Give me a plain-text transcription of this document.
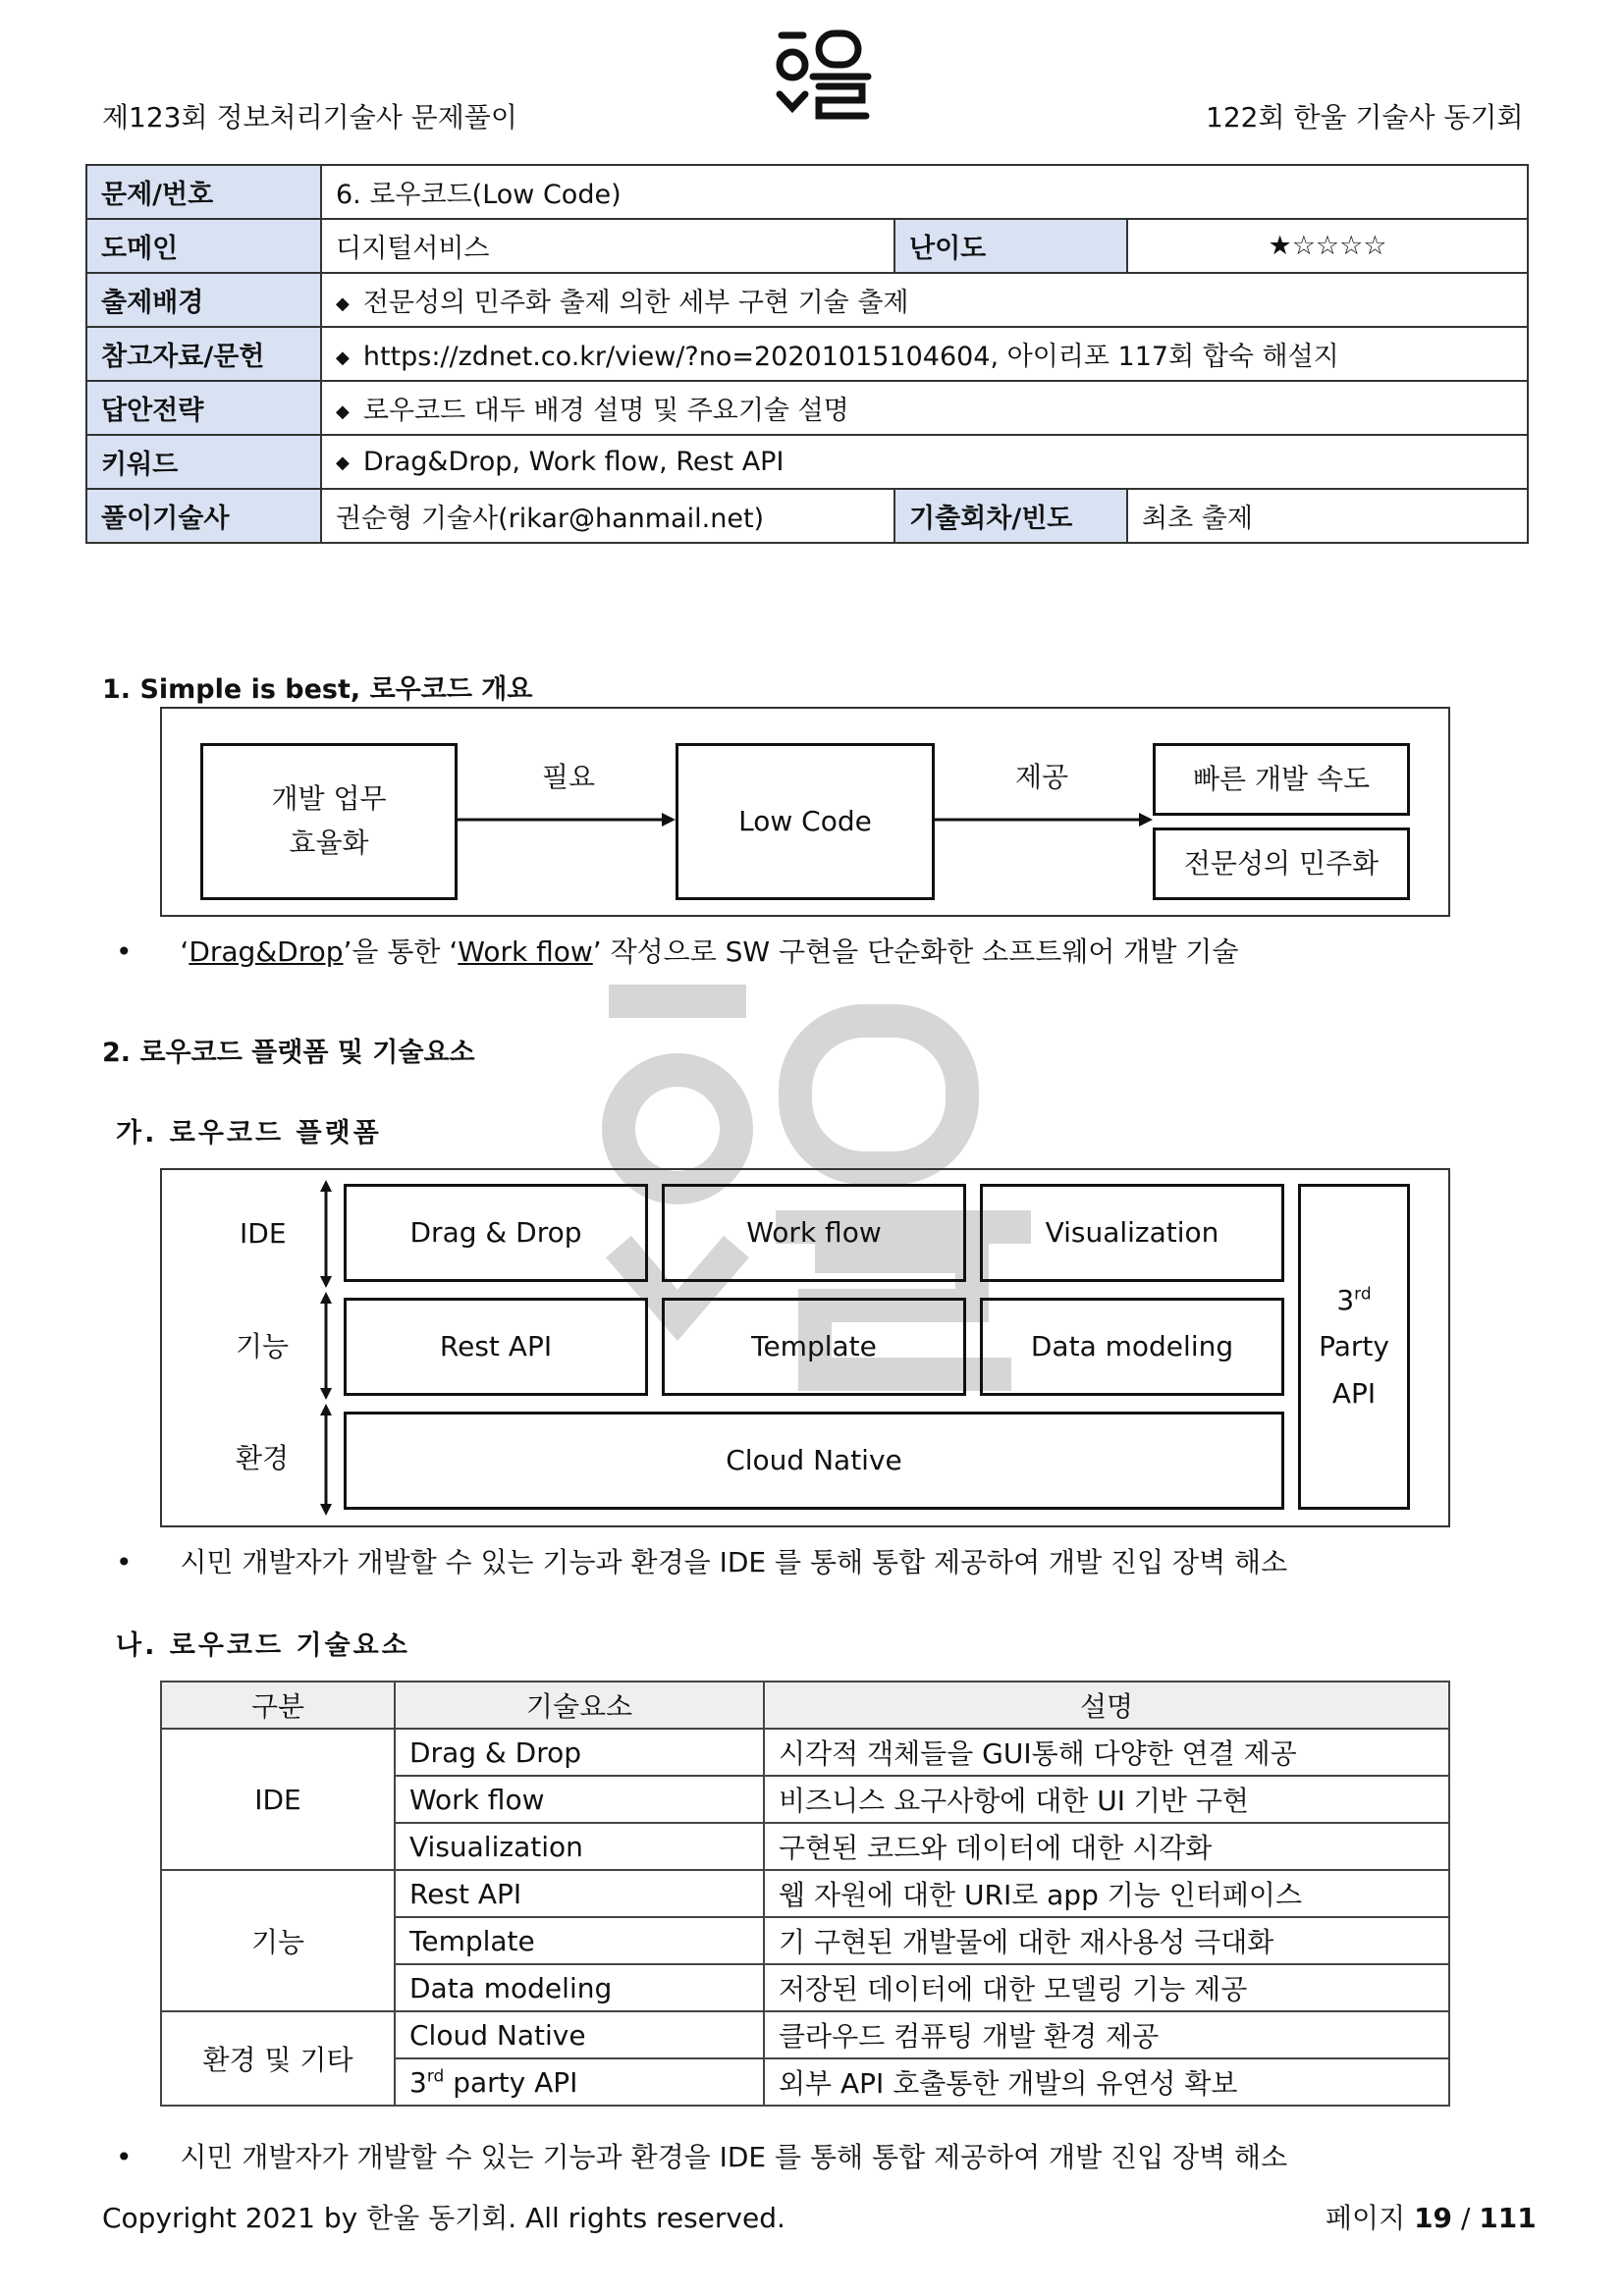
제123회 정보처리기술사 문제풀이	122회 한울 기술사 동기회
문제/번호	6. 로우코드(Low Code)		
도메인	디지털서비스	난이도	★☆☆☆☆
출제배경	◆ 전문성의 민주화 출제 의한 세부 구현 기술 출제		
참고자료/문헌	◆ https://zdnet.co.kr/view/?no=20201015104604, 아이리포 117회 합숙 해설지		
답안전략	◆ 로우코드 대두 배경 설명 및 주요기술 설명		
키워드	◆ Drag&Drop, Work flow, Rest API		
풀이기술사	권순형 기술사(rikar@hanmail.net)	기출회차/빈도	최초 출제
1. Simple is best, 로우코드 개요
개발 업무
효율화
Low Code
빠른 개발 속도
전문성의 민주화
필요	제공
• ‘Drag&Drop’을 통한 ‘Work flow’ 작성으로 SW 구현을 단순화한 소프트웨어 개발 기술
2. 로우코드 플랫폼 및 기술요소
가. 로우코드 플랫폼
IDE
기능
환경
Drag & Drop	Work flow	Visualization
Rest API	Template	Data modeling
Cloud Native
3rd
Party
API
• 시민 개발자가 개발할 수 있는 기능과 환경을 IDE 를 통해 통합 제공하여 개발 진입 장벽 해소
나. 로우코드 기술요소
구분	기술요소	설명
IDE	Drag & Drop	시각적 객체들을 GUI통해 다양한 연결 제공
	Work flow	비즈니스 요구사항에 대한 UI 기반 구현
	Visualization	구현된 코드와 데이터에 대한 시각화
기능	Rest API	웹 자원에 대한 URI로 app 기능 인터페이스
	Template	기 구현된 개발물에 대한 재사용성 극대화
	Data modeling	저장된 데이터에 대한 모델링 기능 제공
환경 및 기타	Cloud Native	클라우드 컴퓨팅 개발 환경 제공
	3rd party API	외부 API 호출통한 개발의 유연성 확보
• 시민 개발자가 개발할 수 있는 기능과 환경을 IDE 를 통해 통합 제공하여 개발 진입 장벽 해소
Copyright 2021 by 한울 동기회. All rights reserved.	페이지 19 / 111
